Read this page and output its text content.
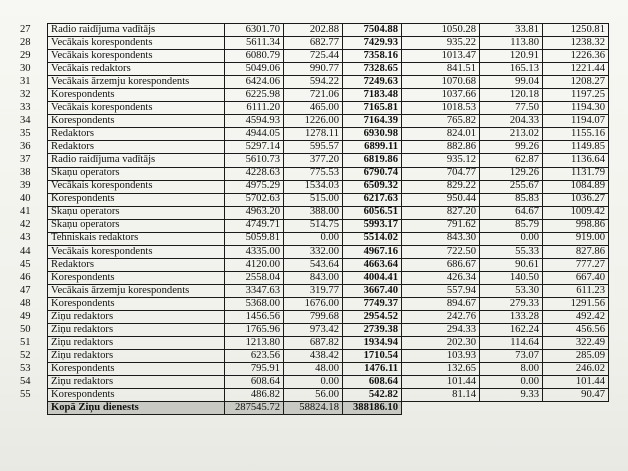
27	Radio raidījuma vadītājs	6301.70	202.88	7504.88	1050.28	33.81	1250.81
28	Vecākais korespondents	5611.34	682.77	7429.93	935.22	113.80	1238.32
29	Vecākais korespondents	6080.79	725.44	7358.16	1013.47	120.91	1226.36
30	Vecākais redaktors	5049.06	990.77	7328.65	841.51	165.13	1221.44
31	Vecākais ārzemju korespondents	6424.06	594.22	7249.63	1070.68	99.04	1208.27
32	Korespondents	6225.98	721.06	7183.48	1037.66	120.18	1197.25
33	Vecākais korespondents	6111.20	465.00	7165.81	1018.53	77.50	1194.30
34	Korespondents	4594.93	1226.00	7164.39	765.82	204.33	1194.07
35	Redaktors	4944.05	1278.11	6930.98	824.01	213.02	1155.16
36	Redaktors	5297.14	595.57	6899.11	882.86	99.26	1149.85
37	Radio raidījuma vadītājs	5610.73	377.20	6819.86	935.12	62.87	1136.64
38	Skaņu operators	4228.63	775.53	6790.74	704.77	129.26	1131.79
39	Vecākais korespondents	4975.29	1534.03	6509.32	829.22	255.67	1084.89
40	Korespondents	5702.63	515.00	6217.63	950.44	85.83	1036.27
41	Skaņu operators	4963.20	388.00	6056.51	827.20	64.67	1009.42
42	Skaņu operators	4749.71	514.75	5993.17	791.62	85.79	998.86
43	Tehniskais redaktors	5059.81	0.00	5514.02	843.30	0.00	919.00
44	Vecākais korespondents	4335.00	332.00	4967.16	722.50	55.33	827.86
45	Redaktors	4120.00	543.64	4663.64	686.67	90.61	777.27
46	Korespondents	2558.04	843.00	4004.41	426.34	140.50	667.40
47	Vecākais ārzemju korespondents	3347.63	319.77	3667.40	557.94	53.30	611.23
48	Korespondents	5368.00	1676.00	7749.37	894.67	279.33	1291.56
49	Ziņu redaktors	1456.56	799.68	2954.52	242.76	133.28	492.42
50	Ziņu redaktors	1765.96	973.42	2739.38	294.33	162.24	456.56
51	Ziņu redaktors	1213.80	687.82	1934.94	202.30	114.64	322.49
52	Ziņu redaktors	623.56	438.42	1710.54	103.93	73.07	285.09
53	Korespondents	795.91	48.00	1476.11	132.65	8.00	246.02
54	Ziņu redaktors	608.64	0.00	608.64	101.44	0.00	101.44
55	Korespondents	486.82	56.00	542.82	81.14	9.33	90.47
	Kopā Ziņu dienests	287545.72	58824.18	388186.10			
